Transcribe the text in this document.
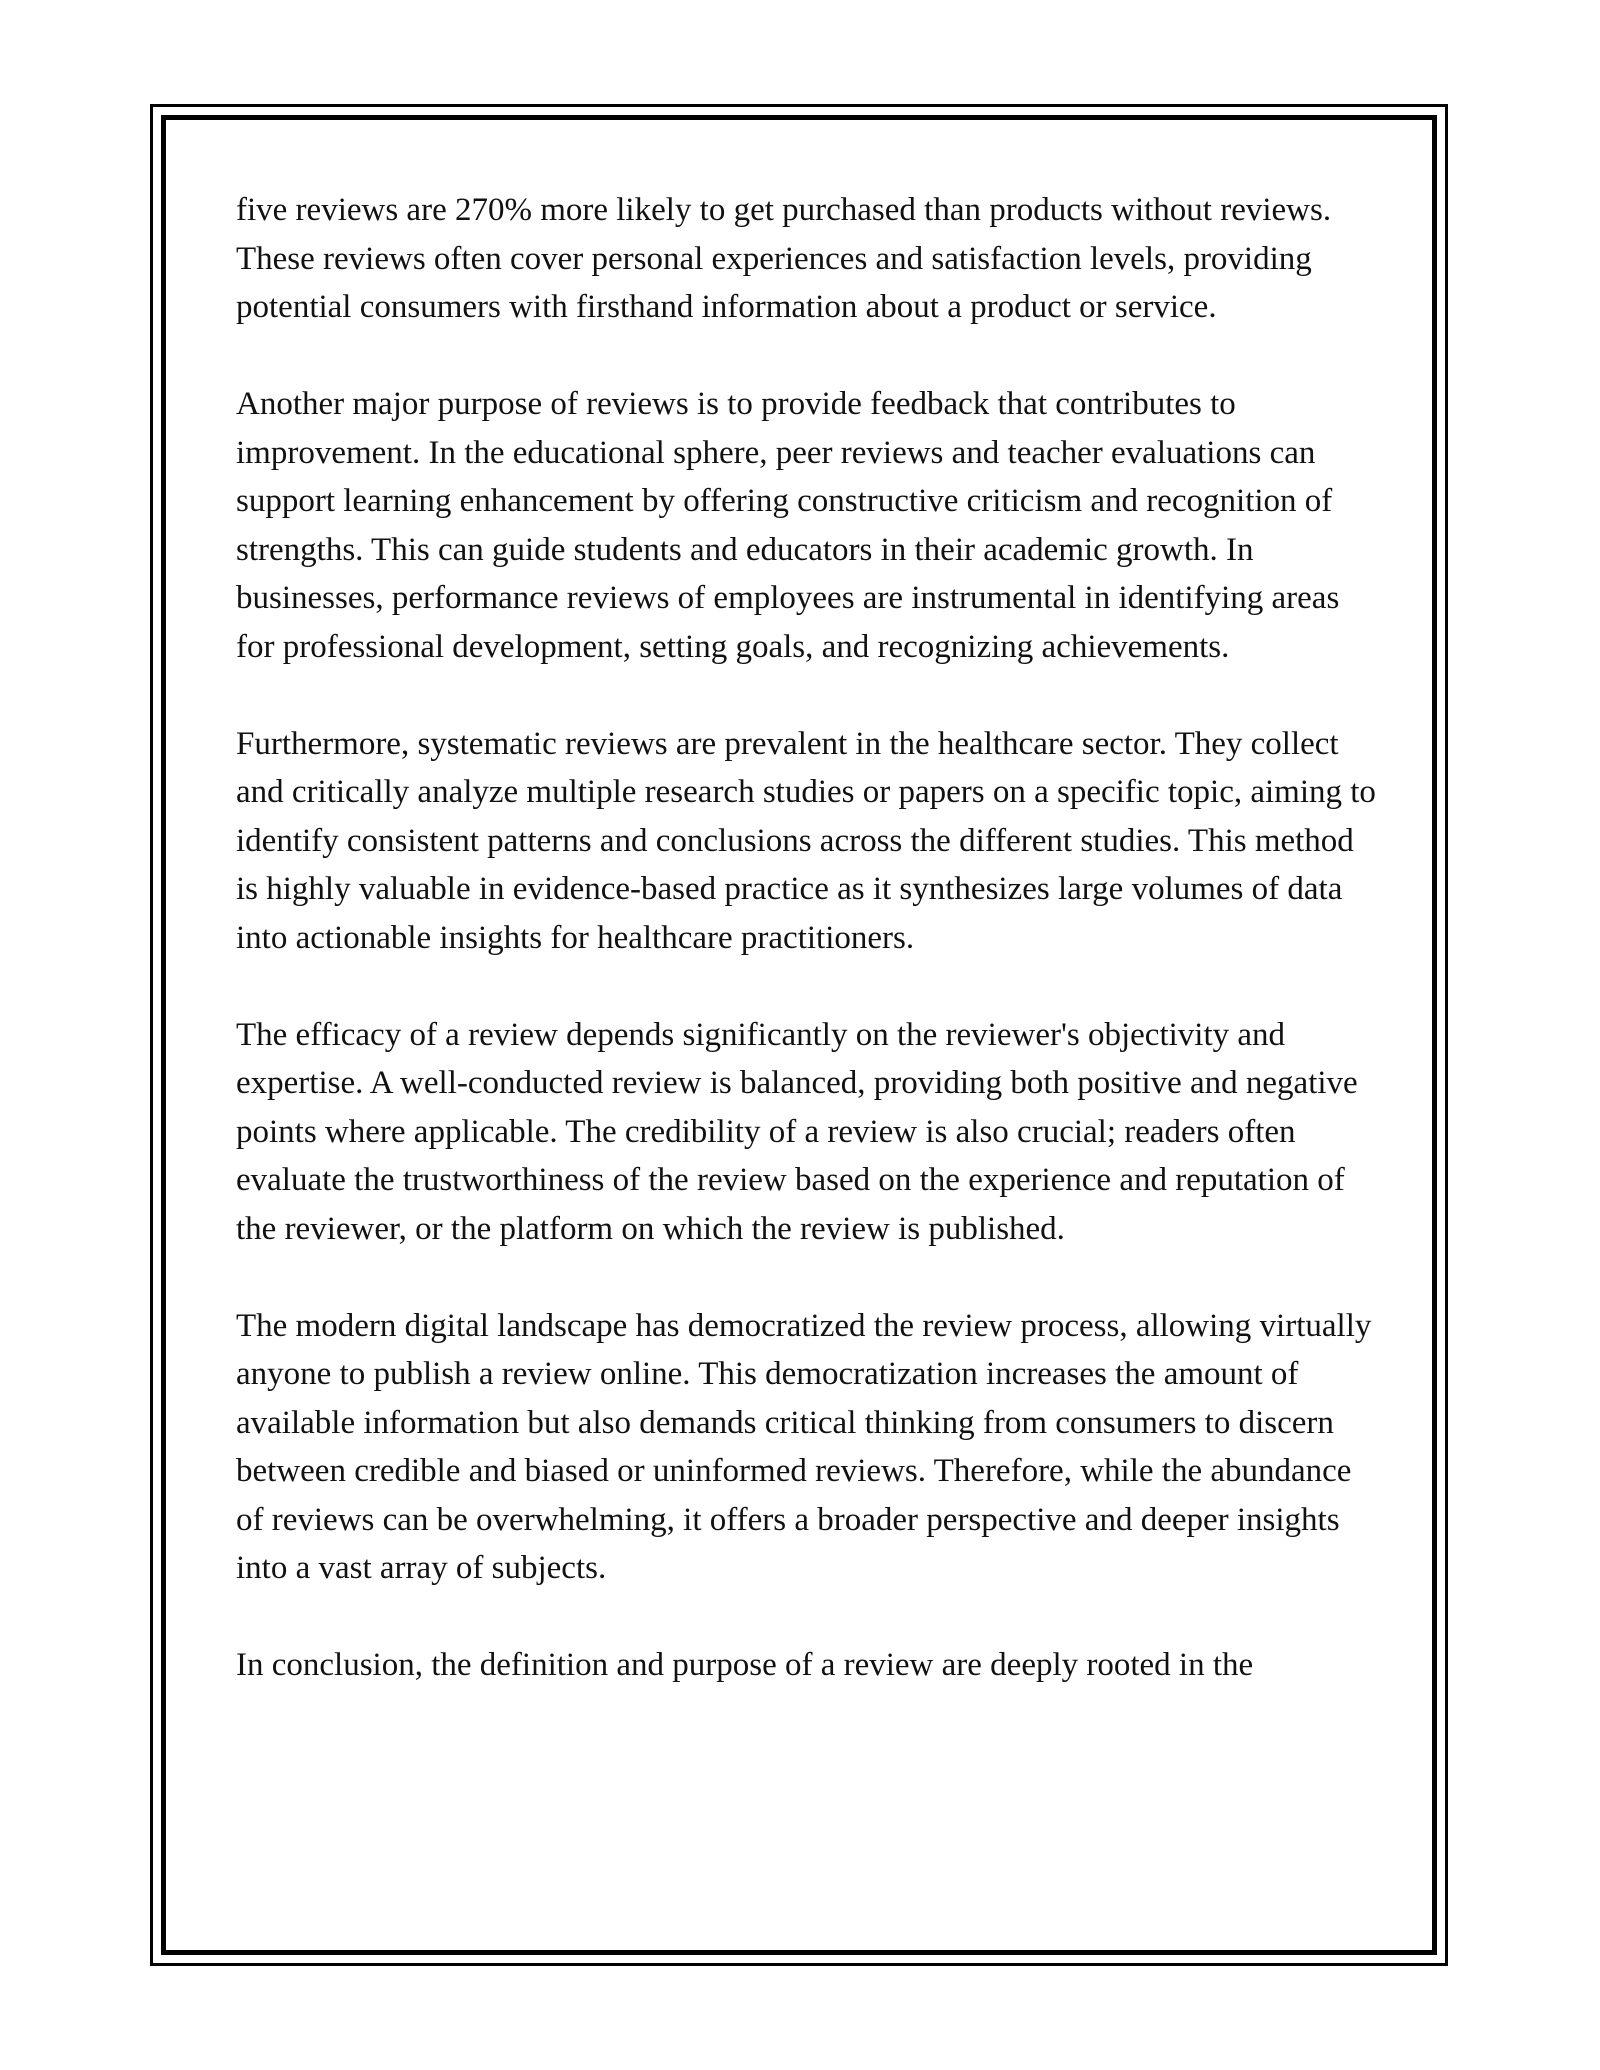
five reviews are 270% more likely to get purchased than products without reviews. These reviews often cover personal experiences and satisfaction levels, providing potential consumers with firsthand information about a product or service.

Another major purpose of reviews is to provide feedback that contributes to improvement. In the educational sphere, peer reviews and teacher evaluations can support learning enhancement by offering constructive criticism and recognition of strengths. This can guide students and educators in their academic growth. In businesses, performance reviews of employees are instrumental in identifying areas for professional development, setting goals, and recognizing achievements.

Furthermore, systematic reviews are prevalent in the healthcare sector. They collect and critically analyze multiple research studies or papers on a specific topic, aiming to identify consistent patterns and conclusions across the different studies. This method is highly valuable in evidence-based practice as it synthesizes large volumes of data into actionable insights for healthcare practitioners.

The efficacy of a review depends significantly on the reviewer's objectivity and expertise. A well-conducted review is balanced, providing both positive and negative points where applicable. The credibility of a review is also crucial; readers often evaluate the trustworthiness of the review based on the experience and reputation of the reviewer, or the platform on which the review is published.

The modern digital landscape has democratized the review process, allowing virtually anyone to publish a review online. This democratization increases the amount of available information but also demands critical thinking from consumers to discern between credible and biased or uninformed reviews. Therefore, while the abundance of reviews can be overwhelming, it offers a broader perspective and deeper insights into a vast array of subjects.

In conclusion, the definition and purpose of a review are deeply rooted in the
